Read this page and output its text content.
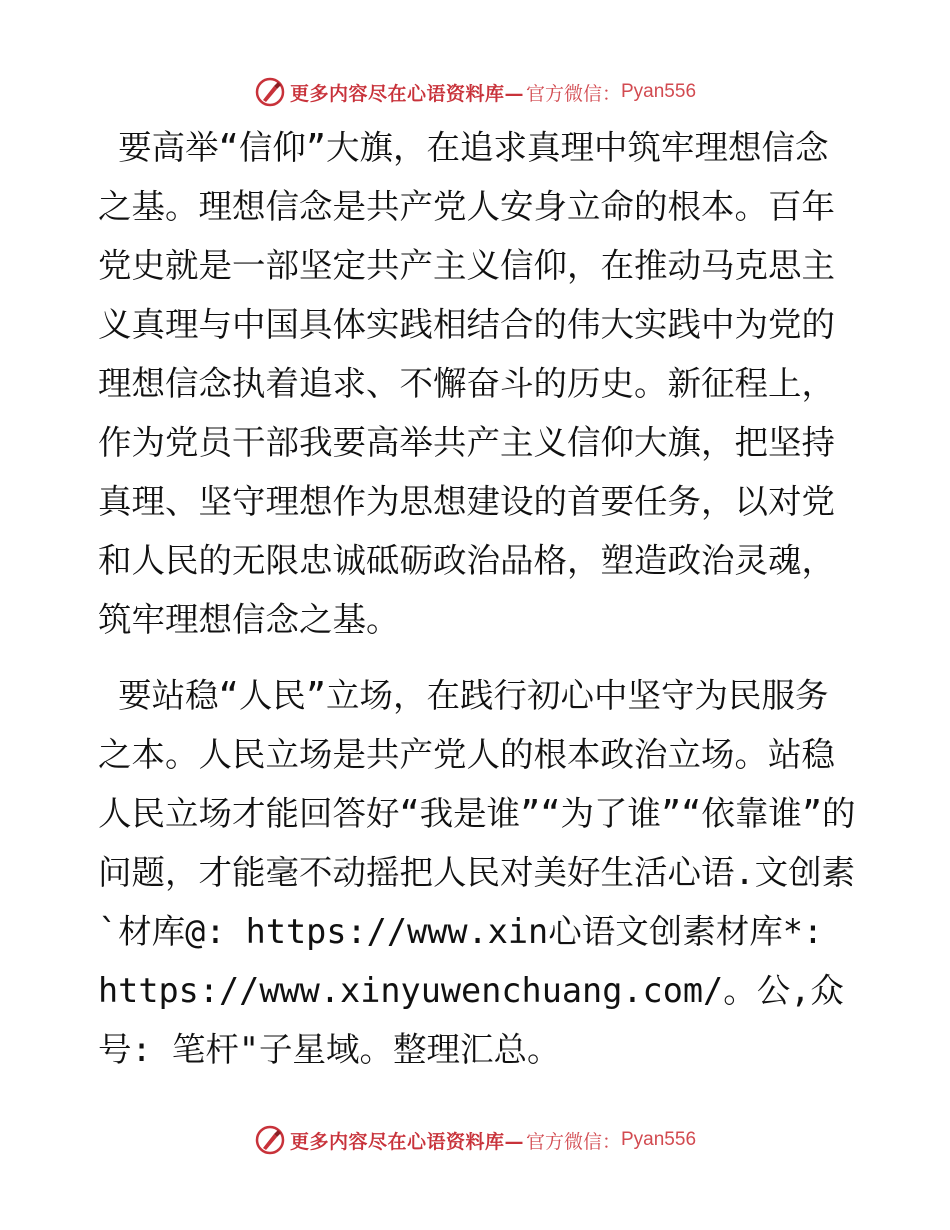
更多内容尽在心语资料库— 官方微信： Pyan556

要高举“信仰”大旗，在追求真理中筑牢理想信念之基。理想信念是共产党人安身立命的根本。百年党史就是一部坚定共产主义信仰，在推动马克思主义真理与中国具体实践相结合的伟大实践中为党的理想信念执着追求、不懈奋斗的历史。新征程上，作为党员干部我要高举共产主义信仰大旗，把坚持真理、坚守理想作为思想建设的首要任务，以对党和人民的无限忠诚砥砺政治品格，塑造政治灵魂，筑牢理想信念之基。

要站稳“人民”立场，在践行初心中坚守为民服务之本。人民立场是共产党人的根本政治立场。站稳人民立场才能回答好“我是谁”“为了谁”“依靠谁”的问题，才能毫不动摇把人民对美好生活心语.文创素`材库@: https://www.xin心语文创素材库*: https://www.xinyuwenchuang.com/。公,众号: 笔杆"子星域。整理汇总。

更多内容尽在心语资料库— 官方微信： Pyan556
